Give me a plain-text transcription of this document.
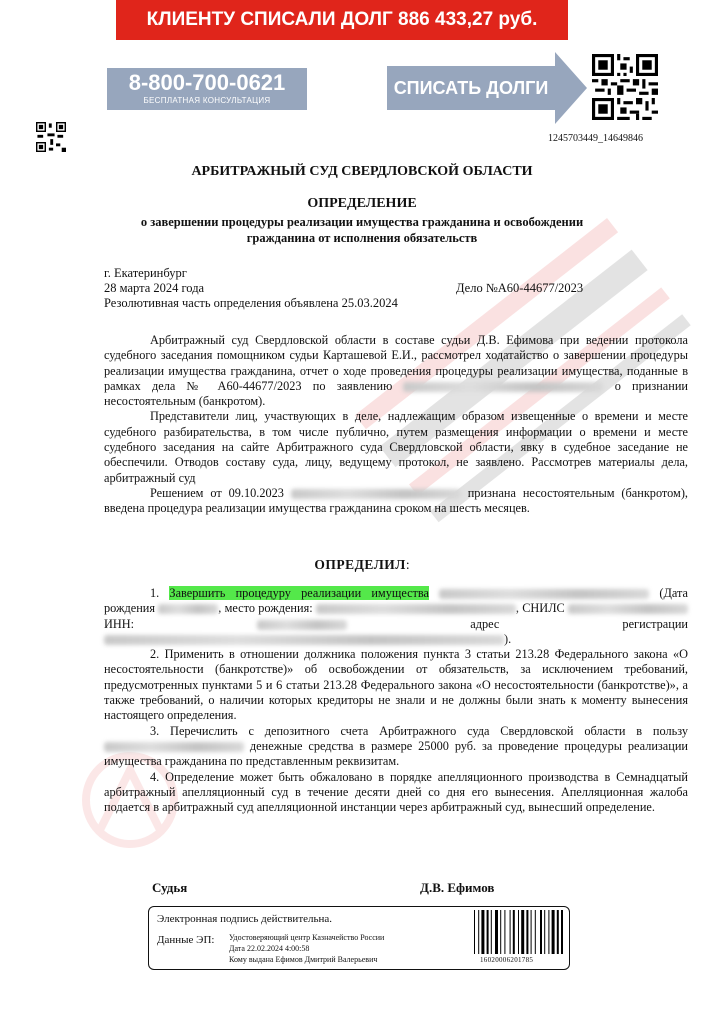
КЛИЕНТУ СПИСАЛИ ДОЛГ 886 433,27 руб.
8-800-700-0621
БЕСПЛАТНАЯ КОНСУЛЬТАЦИЯ
СПИСАТЬ ДОЛГИ
1245703449_14649846
АРБИТРАЖНЫЙ СУД СВЕРДЛОВСКОЙ ОБЛАСТИ
ОПРЕДЕЛЕНИЕ
о завершении процедуры реализации имущества гражданина и освобождении
гражданина от исполнения обязательств
г. Екатеринбург
28 марта 2024 года	Дело №А60-44677/2023
Резолютивная часть определения объявлена 25.03.2024

Арбитражный суд Свердловской области в составе судьи Д.В. Ефимова при ведении протокола судебного заседания помощником судьи Карташевой Е.И., рассмотрел ходатайство о завершении процедуры реализации имущества гражданина, отчет о ходе проведения процедуры реализации имущества, поданные в рамках дела № А60-44677/2023 по заявлению	о признании несостоятельным (банкротом).

Представители лиц, участвующих в деле, надлежащим образом извещенные о времени и месте судебного разбирательства, в том числе публично, путем размещения информации о времени и месте судебного заседания на сайте Арбитражного суда Свердловской области, явку в судебное заседание не обеспечили. Отводов составу суда, лицу, ведущему протокол, не заявлено. Рассмотрев материалы дела, арбитражный суд

Решением от 09.10.2023	признана несостоятельным (банкротом), введена процедура реализации имущества гражданина сроком на шесть месяцев.

ОПРЕДЕЛИЛ:

1. Завершить процедуру реализации имущества	(Дата рождения	, место рождения:	, СНИЛС  ИНН:	адрес регистрации ).

2. Применить в отношении должника положения пункта 3 статьи 213.28 Федерального закона «О несостоятельности (банкротстве)» об освобождении от обязательств, за исключением требований, предусмотренных пунктами 5 и 6 статьи 213.28 Федерального закона «О несостоятельности (банкротстве)», а также требований, о наличии которых кредиторы не знали и не должны были знать к моменту вынесения настоящего определения.

3. Перечислить с депозитного счета Арбитражного суда Свердловской области в пользу  денежные средства в размере 25000 руб. за проведение процедуры реализации имущества гражданина по представленным реквизитам.

4. Определение может быть обжаловано в порядке апелляционного производства в Семнадцатый арбитражный апелляционный суд в течение десяти дней со дня его вынесения. Апелляционная жалоба подается в арбитражный суд апелляционной инстанции через арбитражный суд, вынесший определение.

Судья	Д.В. Ефимов
Электронная подпись действительна.
Данные ЭП: Удостоверяющий центр Казначейство России
Дата 22.02.2024 4:00:58
Кому выдана Ефимов Дмитрий Валерьевич	16020006201785
